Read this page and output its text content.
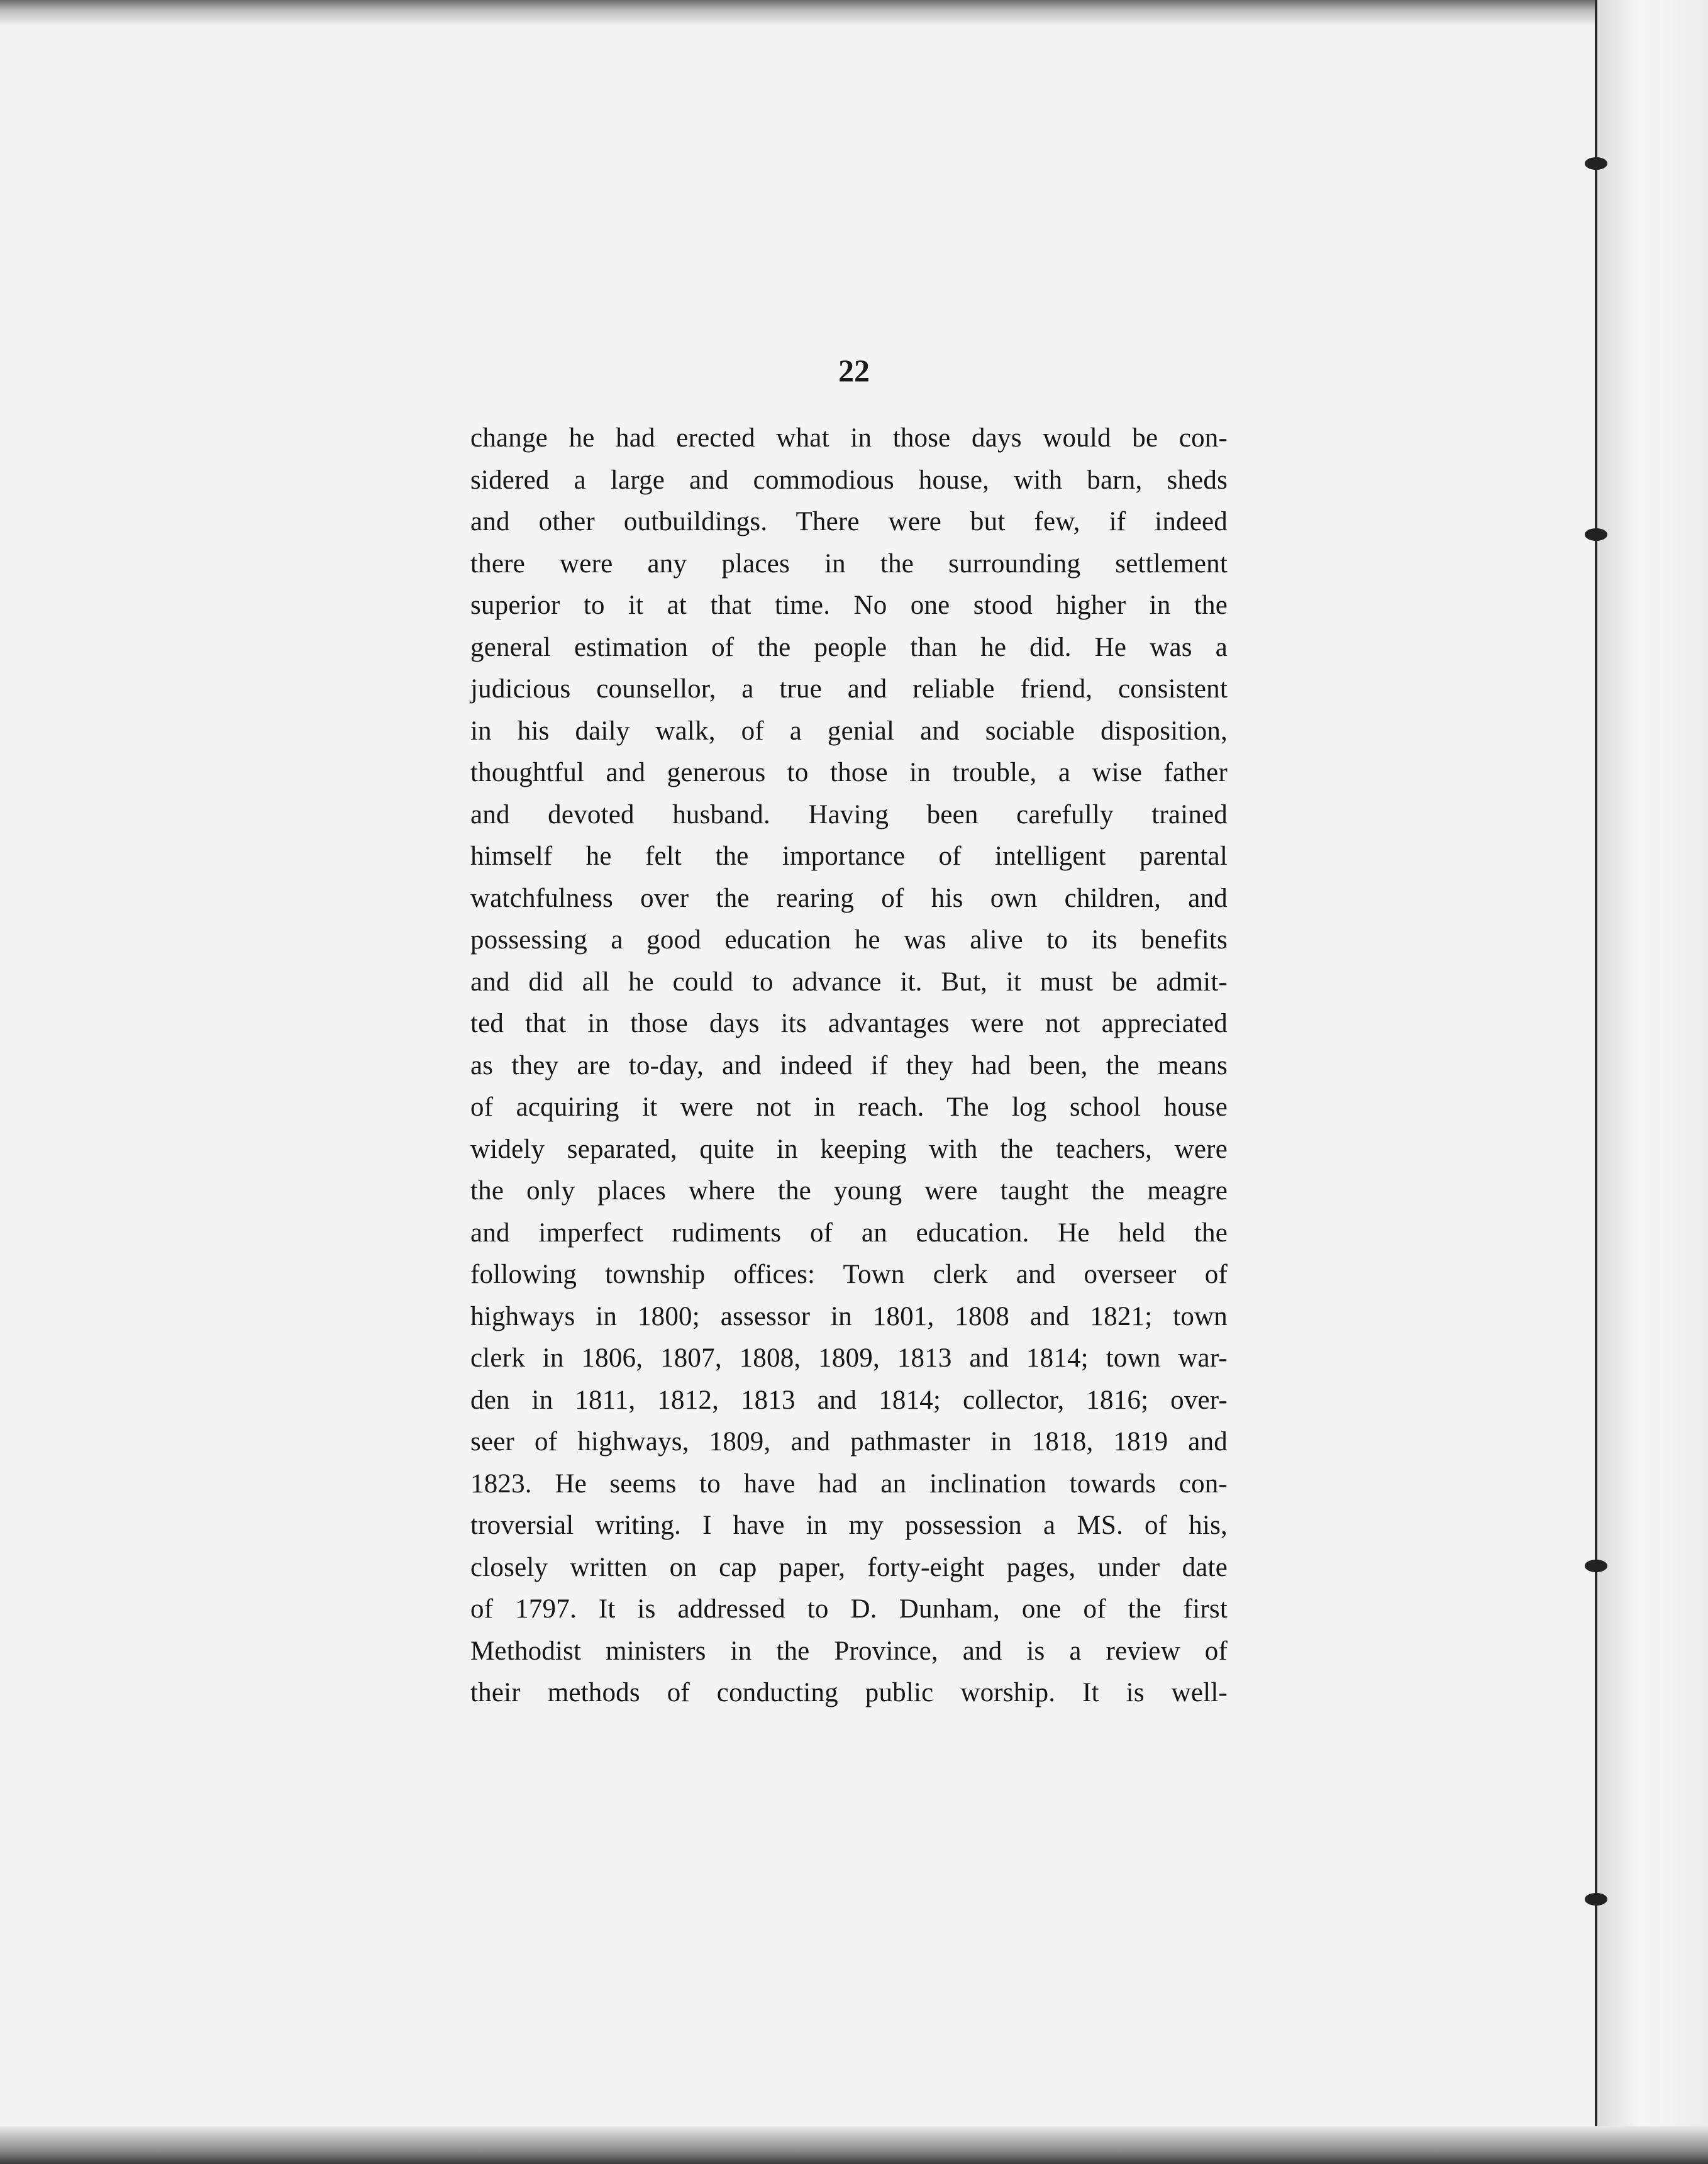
22
change he had erected what in those days would be con-
sidered a large and commodious house, with barn, sheds
and other outbuildings. There were but few, if indeed
there were any places in the surrounding settlement
superior to it at that time. No one stood higher in the
general estimation of the people than he did. He was a
judicious counsellor, a true and reliable friend, consistent
in his daily walk, of a genial and sociable disposition,
thoughtful and generous to those in trouble, a wise father
and devoted husband. Having been carefully trained
himself he felt the importance of intelligent parental
watchfulness over the rearing of his own children, and
possessing a good education he was alive to its benefits
and did all he could to advance it. But, it must be admit-
ted that in those days its advantages were not appreciated
as they are to-day, and indeed if they had been, the means
of acquiring it were not in reach. The log school house
widely separated, quite in keeping with the teachers, were
the only places where the young were taught the meagre
and imperfect rudiments of an education. He held the
following township offices: Town clerk and overseer of
highways in 1800; assessor in 1801, 1808 and 1821; town
clerk in 1806, 1807, 1808, 1809, 1813 and 1814; town war-
den in 1811, 1812, 1813 and 1814; collector, 1816; over-
seer of highways, 1809, and pathmaster in 1818, 1819 and
1823. He seems to have had an inclination towards con-
troversial writing. I have in my possession a MS. of his,
closely written on cap paper, forty-eight pages, under date
of 1797. It is addressed to D. Dunham, one of the first
Methodist ministers in the Province, and is a review of
their methods of conducting public worship. It is well-
